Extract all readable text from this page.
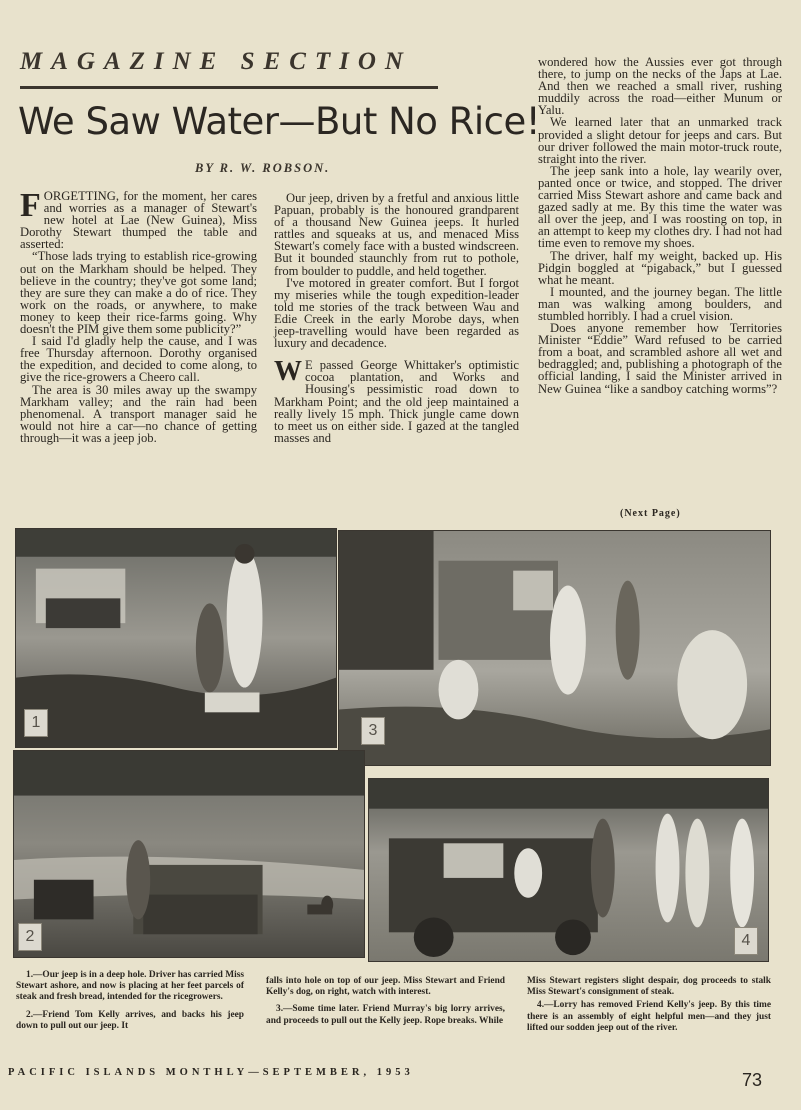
MAGAZINE SECTION
We Saw Water—But No Rice!
BY R. W. ROBSON.

FORGETTING, for the moment, her cares and worries as a manager of Stewart's new hotel at Lae (New Guinea), Miss Dorothy Stewart thumped the table and asserted:

“Those lads trying to establish rice-growing out on the Markham should be helped. They believe in the country; they've got some land; they are sure they can make a do of rice. They work on the roads, or anywhere, to make money to keep their rice-farms going. Why doesn't the PIM give them some publicity?”

I said I'd gladly help the cause, and I was free Thursday afternoon. Dorothy organised the expedition, and decided to come along, to give the rice-growers a Cheero call.

The area is 30 miles away up the swampy Markham valley; and the rain had been phenomenal. A transport manager said he would not hire a car—no chance of getting through—it was a jeep job.

Our jeep, driven by a fretful and anxious little Papuan, probably is the honoured grandparent of a thousand New Guinea jeeps. It hurled rattles and squeaks at us, and menaced Miss Stewart's comely face with a busted windscreen. But it bounded staunchly from rut to pothole, from boulder to puddle, and held together.

I've motored in greater comfort. But I forgot my miseries while the tough expedition-leader told me stories of the track between Wau and Edie Creek in the early Morobe days, when jeep-travelling would have been regarded as luxury and decadence.

W E passed George Whittaker's optimistic cocoa plantation, and Works and Housing's pessimistic road down to Markham Point; and the old jeep maintained a really lively 15 mph. Thick jungle came down to meet us on either side. I gazed at the tangled masses and

wondered how the Aussies ever got through there, to jump on the necks of the Japs at Lae. And then we reached a small river, rushing muddily across the road—either Munum or Yalu.

We learned later that an unmarked track provided a slight detour for jeeps and cars. But our driver followed the main motor-truck route, straight into the river.

The jeep sank into a hole, lay wearily over, panted once or twice, and stopped. The driver carried Miss Stewart ashore and came back and gazed sadly at me. By this time the water was all over the jeep, and I was roosting on top, in an attempt to keep my clothes dry. I had not had time even to remove my shoes.

The driver, half my weight, backed up. His Pidgin boggled at “pigaback,” but I guessed what he meant.

I mounted, and the journey began. The little man was walking among boulders, and stumbled horribly. I had a cruel vision.

Does anyone remember how Territories Minister “Eddie” Ward refused to be carried from a boat, and scrambled ashore all wet and bedraggled; and, publishing a photograph of the official landing, I said the Minister arrived in New Guinea “like a sandboy catching worms”?

(Next Page)
1	3
2	4

1.—Our jeep is in a deep hole. Driver has carried Miss Stewart ashore, and now is placing at her feet parcels of steak and fresh bread, intended for the ricegrowers.

2.—Friend Tom Kelly arrives, and backs his jeep down to pull out our jeep. It

falls into hole on top of our jeep. Miss Stewart and Friend Kelly's dog, on right, watch with interest.

3.—Some time later. Friend Murray's big lorry arrives, and proceeds to pull out the Kelly jeep. Rope breaks. While

Miss Stewart registers slight despair, dog proceeds to stalk Miss Stewart's consignment of steak.

4.—Lorry has removed Friend Kelly's jeep. By this time there is an assembly of eight helpful men—and they just lifted our sodden jeep out of the river.

PACIFIC ISLANDS MONTHLY—SEPTEMBER, 1953	73
